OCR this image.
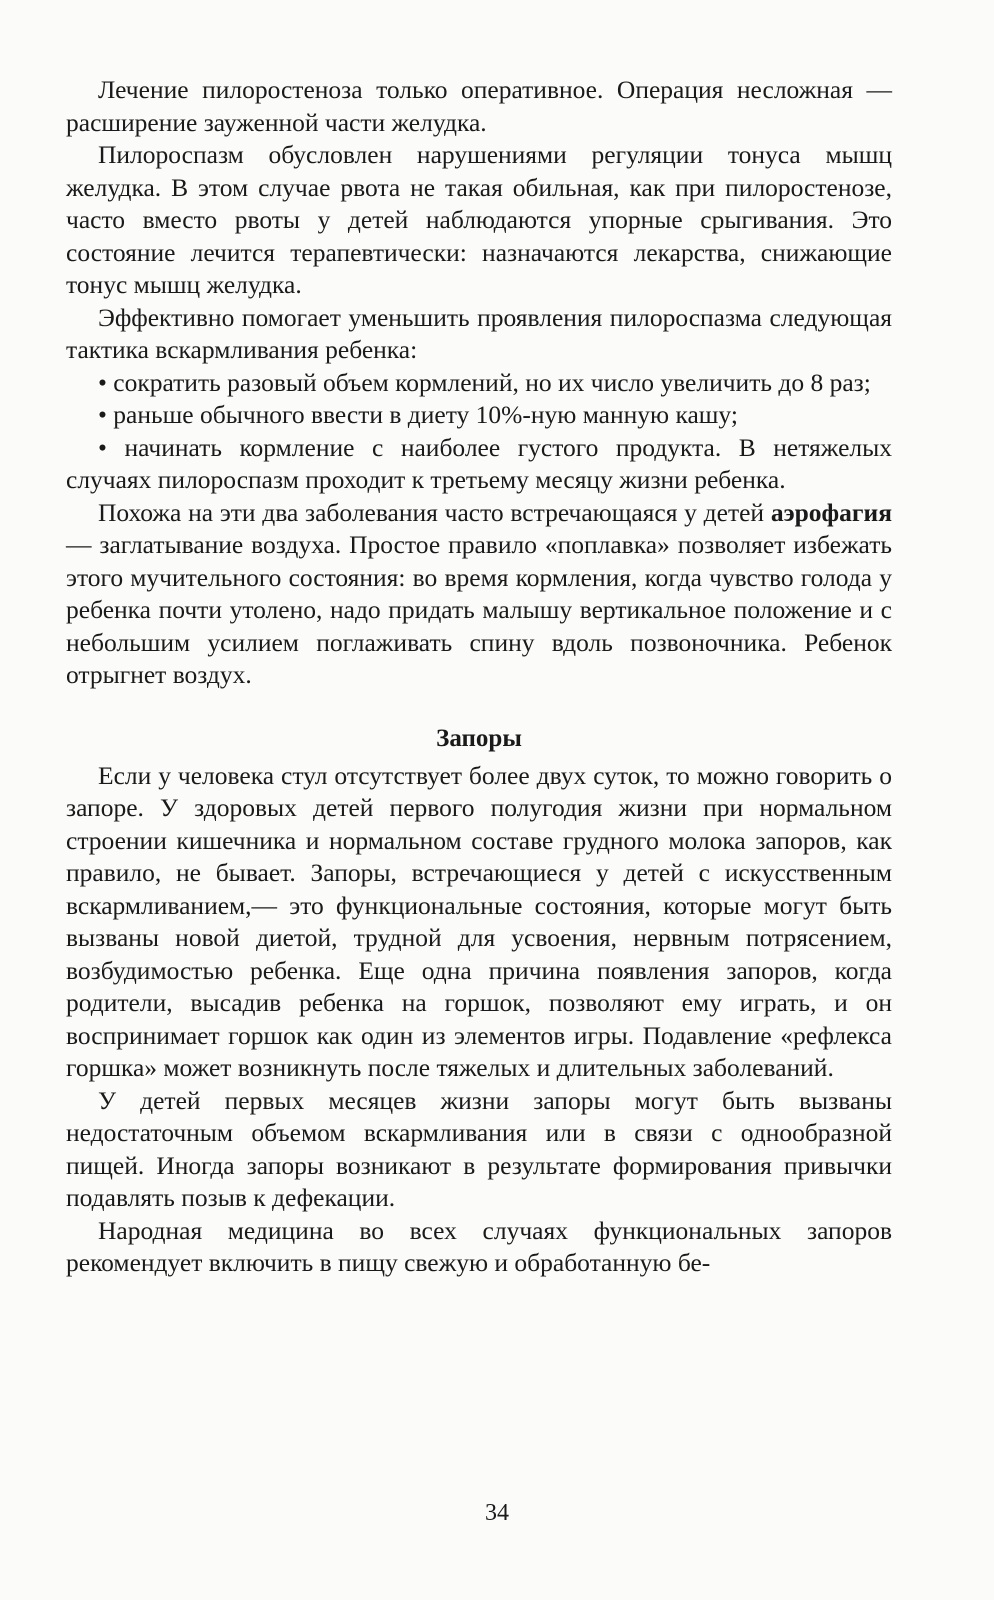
Лечение пилоростеноза только оперативное. Операция несложная — расширение зауженной части желудка.

Пилороспазм обусловлен нарушениями регуляции тонуса мышц желудка. В этом случае рвота не такая обильная, как при пилоростенозе, часто вместо рвоты у детей наблюдаются упорные срыгивания. Это состояние лечится терапевтически: назначаются лекарства, снижающие тонус мышц желудка.

Эффективно помогает уменьшить проявления пилороспазма следующая тактика вскармливания ребенка:

• сократить разовый объем кормлений, но их число увеличить до 8 раз;

• раньше обычного ввести в диету 10%-ную манную кашу;

• начинать кормление с наиболее густого продукта. В нетяжелых случаях пилороспазм проходит к третьему месяцу жизни ребенка.

Похожа на эти два заболевания часто встречающаяся у детей аэрофагия — заглатывание воздуха. Простое правило «поплавка» позволяет избежать этого мучительного состояния: во время кормления, когда чувство голода у ребенка почти утолено, надо придать малышу вертикальное положение и с небольшим усилием поглаживать спину вдоль позвоночника. Ребенок отрыгнет воздух.

Запоры

Если у человека стул отсутствует более двух суток, то можно говорить о запоре. У здоровых детей первого полугодия жизни при нормальном строении кишечника и нормальном составе грудного молока запоров, как правило, не бывает. Запоры, встречающиеся у детей с искусственным вскармливанием,— это функциональные состояния, которые могут быть вызваны новой диетой, трудной для усвоения, нервным потрясением, возбудимостью ребенка. Еще одна причина появления запоров, когда родители, высадив ребенка на горшок, позволяют ему играть, и он воспринимает горшок как один из элементов игры. Подавление «рефлекса горшка» может возникнуть после тяжелых и длительных заболеваний.

У детей первых месяцев жизни запоры могут быть вызваны недостаточным объемом вскармливания или в связи с однообразной пищей. Иногда запоры возникают в результате формирования привычки подавлять позыв к дефекации.

Народная медицина во всех случаях функциональных запоров рекомендует включить в пищу свежую и обработанную бе-

34
